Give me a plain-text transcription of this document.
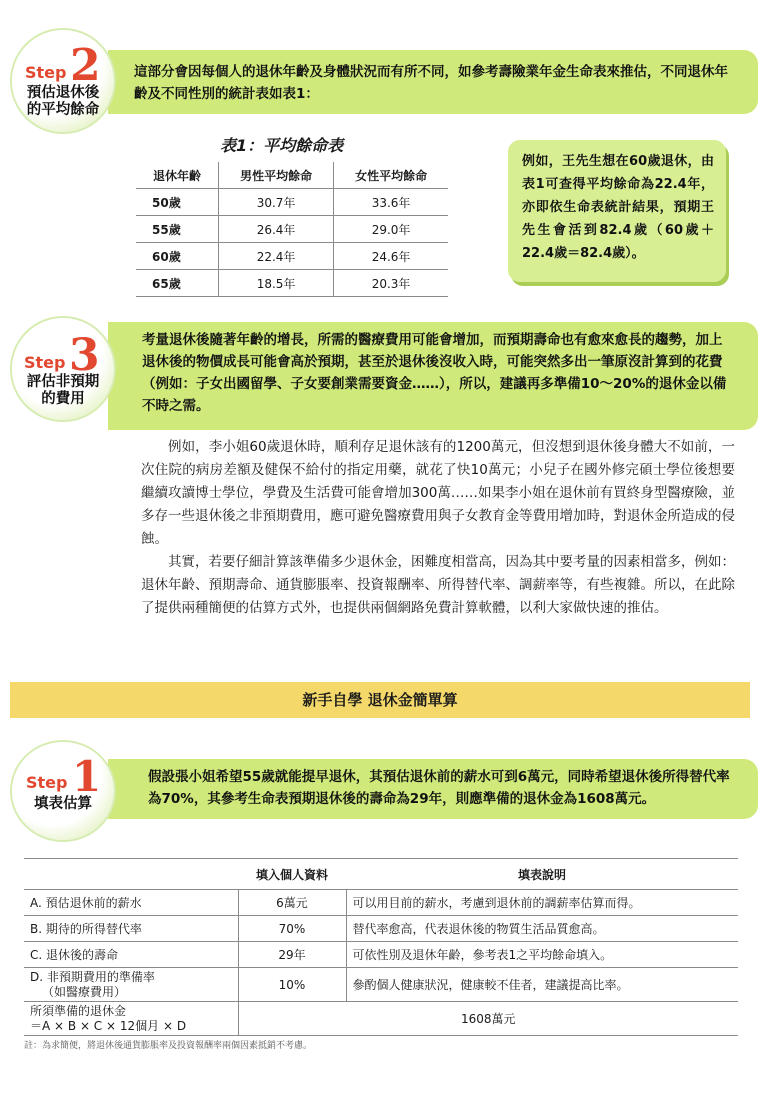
Step 2
預估退休後
的平均餘命
這部分會因每個人的退休年齡及身體狀況而有所不同，如參考壽險業年金生命表來推估，不同退休年齡及不同性別的統計表如表1：
表1：平均餘命表
退休年齡	男性平均餘命	女性平均餘命
50歲	30.7年	33.6年
55歲	26.4年	29.0年
60歲	22.4年	24.6年
65歲	18.5年	20.3年
例如，王先生想在60歲退休，由表1可查得平均餘命為22.4年，亦即依生命表統計結果，預期王先生會活到82.4歲（60歲＋22.4歲＝82.4歲）。
Step 3
評估非預期
的費用
考量退休後隨著年齡的增長，所需的醫療費用可能會增加，而預期壽命也有愈來愈長的趨勢，加上退休後的物價成長可能會高於預期，甚至於退休後沒收入時，可能突然多出一筆原沒計算到的花費（例如：子女出國留學、子女要創業需要資金……），所以，建議再多準備10～20%的退休金以備不時之需。

例如，李小姐60歲退休時，順利存足退休該有的1200萬元，但沒想到退休後身體大不如前，一次住院的病房差額及健保不給付的指定用藥，就花了快10萬元；小兒子在國外修完碩士學位後想要繼續攻讀博士學位，學費及生活費可能會增加300萬……如果李小姐在退休前有買終身型醫療險，並多存一些退休後之非預期費用，應可避免醫療費用與子女教育金等費用增加時，對退休金所造成的侵蝕。

其實，若要仔細計算該準備多少退休金，困難度相當高，因為其中要考量的因素相當多，例如：退休年齡、預期壽命、通貨膨脹率、投資報酬率、所得替代率、調薪率等，有些複雜。所以，在此除了提供兩種簡便的估算方式外，也提供兩個網路免費計算軟體，以利大家做快速的推估。

新手自學 退休金簡單算
Step 1
填表估算
假設張小姐希望55歲就能提早退休，其預估退休前的薪水可到6萬元，同時希望退休後所得替代率為70%，其參考生命表預期退休後的壽命為29年，則應準備的退休金為1608萬元。
	填入個人資料	填表說明
A. 預估退休前的薪水	6萬元	可以用目前的薪水，考慮到退休前的調薪率估算而得。
B. 期待的所得替代率	70%	替代率愈高，代表退休後的物質生活品質愈高。
C. 退休後的壽命	29年	可依性別及退休年齡，參考表1之平均餘命填入。

D. 非預期費用的準備率
（如醫療費用）	10%	參酌個人健康狀況，健康較不佳者，建議提高比率。

所須準備的退休金
＝A × B × C × 12個月 × D	1608萬元	
註：為求簡便，將退休後通貨膨脹率及投資報酬率兩個因素抵銷不考慮。
